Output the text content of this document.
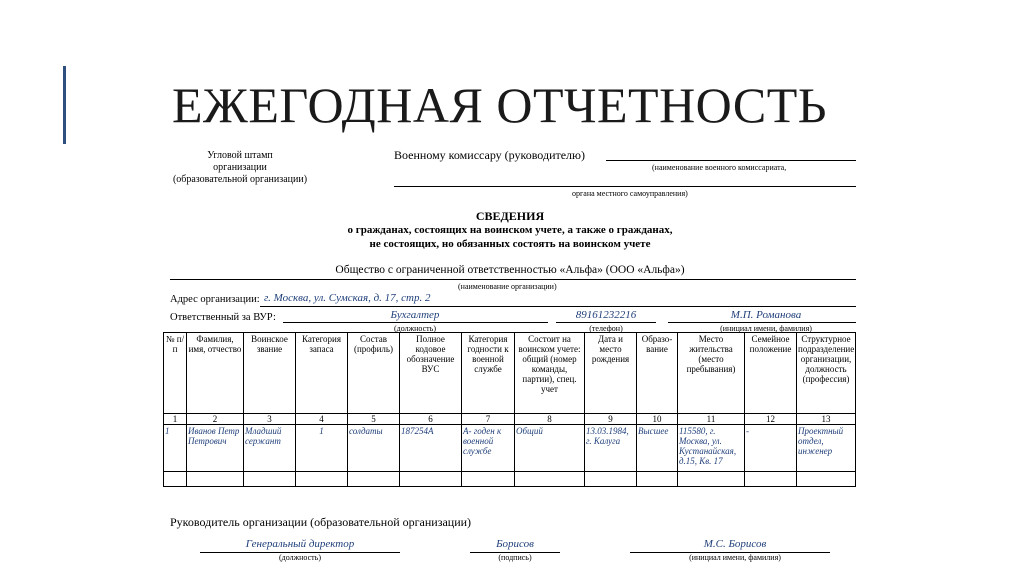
ЕЖЕГОДНАЯ ОТЧЕТНОСТЬ
Угловой штамп
организации
(образовательной организации)
Военному комиссару (руководителю)
(наименование военного комиссариата,
органа местного самоуправления)
СВЕДЕНИЯ
о гражданах, состоящих на воинском учете, а также о гражданах,
не состоящих, но обязанных состоять на воинском учете
Общество с ограниченной ответственностью «Альфа» (ООО «Альфа»)
(наименование организации)
Адрес организации: г. Москва, ул. Сумская, д. 17, стр. 2
Ответственный за ВУР:	Бухгалтер
(должность)
89161232216
(телефон)
М.П. Романова
(инициал имени, фамилия)
№ п/п	Фамилия, имя, отчество	Воинское звание	Категория запаса	Состав (профиль)	Полное кодовое обозначение ВУС	Категория годности к военной службе	Состоит на воинском учете: общий (номер команды, партии), спец. учет	Дата и место рождения	Образо-вание	Место жительства (место пребывания)	Семейное положение	Структурное подразделение организации, должность (профессия)
1	2	3	4	5	6	7	8	9	10	11	12	13
1	Иванов Петр Петрович	Младший сержант	1	солдаты	187254А	А- годен к военной службе	Общий	13.03.1984, г. Калуга	Высшее	115580, г. Москва, ул. Кустанайская, д.15, Кв. 17	-	Проектный отдел, инженер

Руководитель организации (образовательной организации)
Генеральный директор
(должность)
Борисов
(подпись)
М.С. Борисов
(инициал имени, фамилия)
